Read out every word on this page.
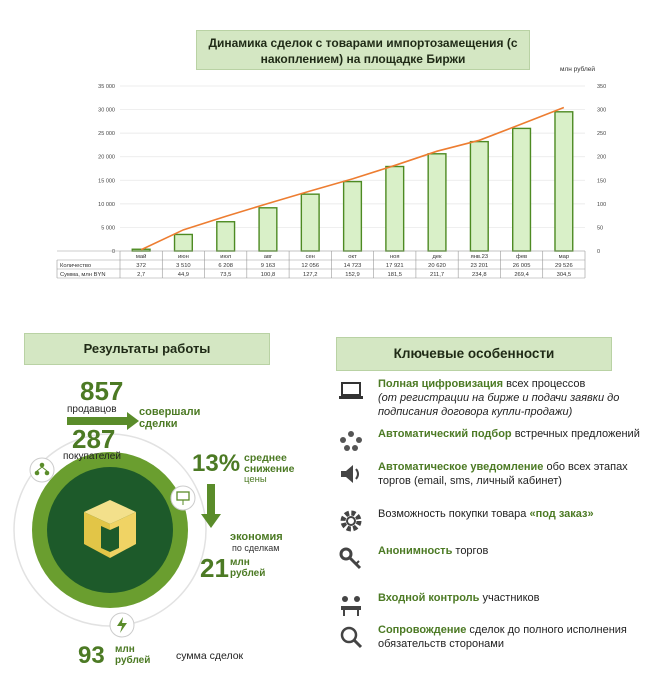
Динамика сделок с товарами импортозамещения (с накоплением) на площадке Биржи
млн рублей
0
5 000
10 000
15 000
20 000
25 000
30 000
35 000
0
50
100
150
200
250
300
350
май
372
2,7
июн
3 510
44,9
июл
6 208
73,5
авг
9 163
100,8
сен
12 056
127,2
окт
14 723
152,9
ноя
17 921
181,5
дек
20 620
211,7
янв.23
23 201
234,8
фев
26 005
269,4
мар
29 526
304,5
Количество
Сумма, млн BYN
Результаты работы
857
продавцов совершали
сделки
287
покупателей	13% среднее
снижение
цены
экономия
по сделкам
21 млн
рублей
93 млн
рублей сумма сделок
Ключевые особенности
Полная цифровизация всех процессов
(от регистрации на бирже и подачи заявки до подписания договора купли-продажи)
Автоматический подбор встречных предложений
Автоматическое уведомление обо всех этапах торгов (email, sms, личный кабинет)
Возможность покупки товара «под заказ»
Анонимность торгов
Входной контроль участников
Сопровождение сделок до полного исполнения обязательств сторонами
